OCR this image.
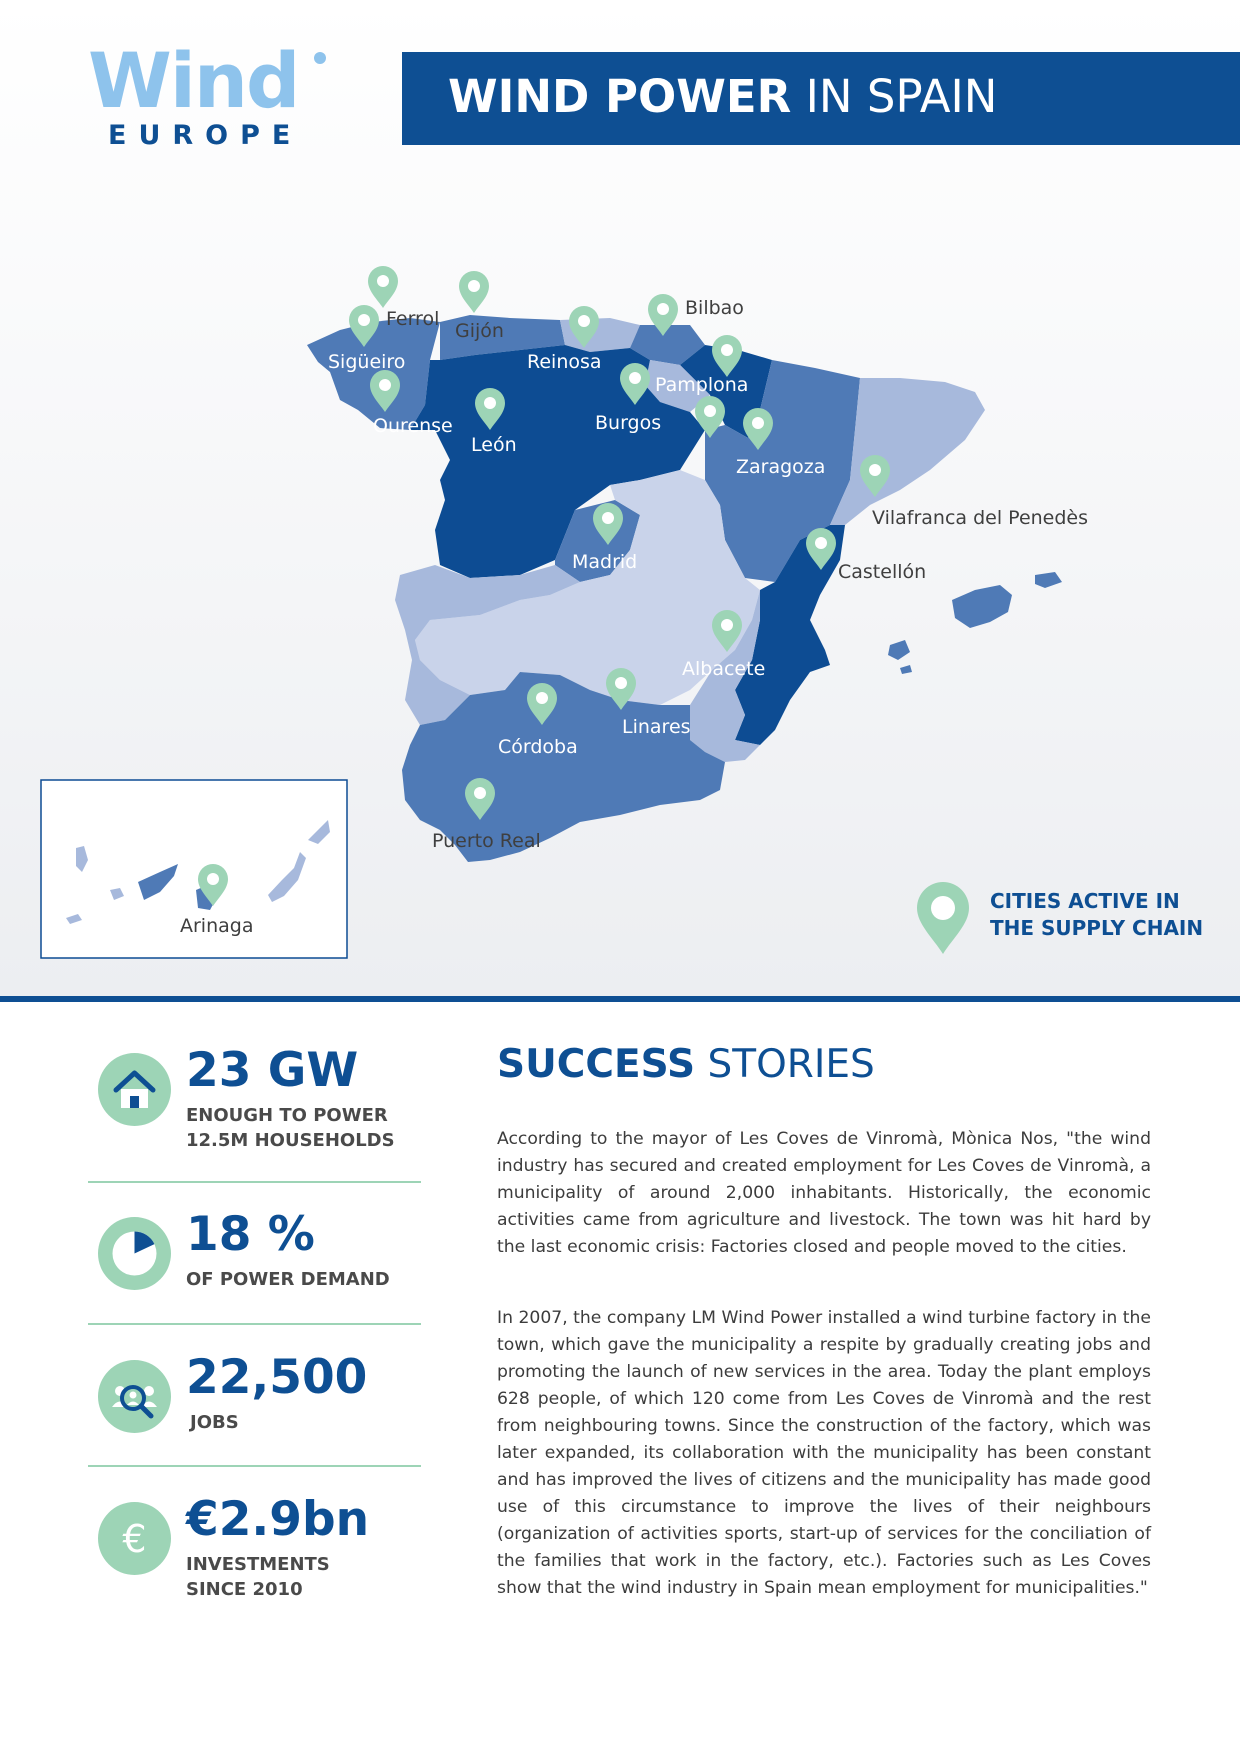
Wind
EUROPE
WIND POWER IN SPAIN
Ferrol
Gijón
Sigüeiro	Reinosa
Bilbao
Pamplona
Ourense
León
Burgos
Zaragoza
Vilafranca del Penedès
Madrid	Castellón
Albacete
Linares
Córdoba
Puerto Real
Arinaga
CITIES ACTIVE IN
THE SUPPLY CHAIN
23 GW
ENOUGH TO POWER
12.5M HOUSEHOLDS
18 %
OF POWER DEMAND
22,500
JOBS
€ €2.9bn
INVESTMENTS
SINCE 2010
SUCCESS STORIES

According to the mayor of Les Coves de Vinromà, Mònica Nos, "the wind industry has secured and created employment for Les Coves de Vinromà, a municipality of around 2,000 inhabitants. Historically, the economic activities came from agriculture and livestock. The town was hit hard by the last economic crisis: Factories closed and people moved to the cities.

In 2007, the company LM Wind Power installed a wind turbine factory in the town, which gave the municipality a respite by gradually creating jobs and promoting the launch of new services in the area. Today the plant employs 628 people, of which 120 come from Les Coves de Vinromà and the rest from neighbouring towns. Since the construction of the factory, which was later expanded, its collaboration with the municipality has been constant and has improved the lives of citizens and the municipality has made good use of this circumstance to improve the lives of their neighbours (organization of activities sports, start-up of services for the conciliation of the families that work in the factory, etc.). Factories such as Les Coves show that the wind industry in Spain mean employment for municipalities."
